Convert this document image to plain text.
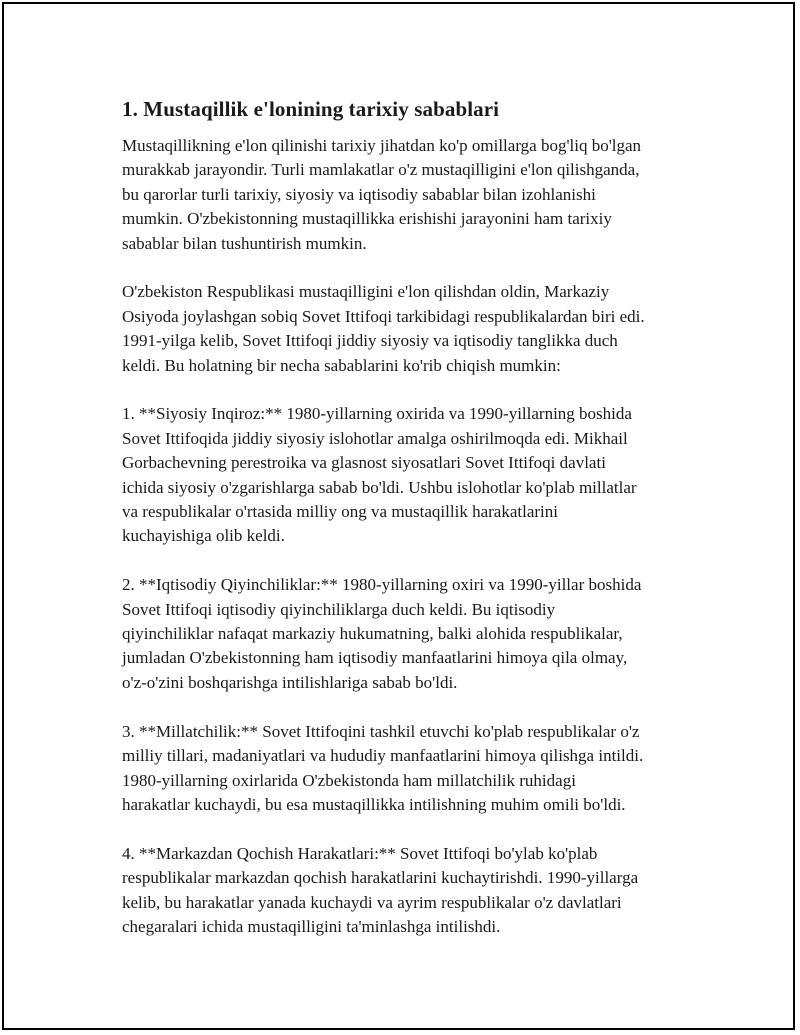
1. Mustaqillik e'lonining tarixiy sabablari
Mustaqillikning e'lon qilinishi tarixiy jihatdan ko'p omillarga bog'liq bo'lgan
murakkab jarayondir. Turli mamlakatlar o'z mustaqilligini e'lon qilishganda,
bu qarorlar turli tarixiy, siyosiy va iqtisodiy sabablar bilan izohlanishi
mumkin. O'zbekistonning mustaqillikka erishishi jarayonini ham tarixiy
sabablar bilan tushuntirish mumkin.
O'zbekiston Respublikasi mustaqilligini e'lon qilishdan oldin, Markaziy
Osiyoda joylashgan sobiq Sovet Ittifoqi tarkibidagi respublikalardan biri edi.
1991-yilga kelib, Sovet Ittifoqi jiddiy siyosiy va iqtisodiy tanglikka duch
keldi. Bu holatning bir necha sabablarini ko'rib chiqish mumkin:
1. **Siyosiy Inqiroz:** 1980-yillarning oxirida va 1990-yillarning boshida
Sovet Ittifoqida jiddiy siyosiy islohotlar amalga oshirilmoqda edi. Mikhail
Gorbachevning perestroika va glasnost siyosatlari Sovet Ittifoqi davlati
ichida siyosiy o'zgarishlarga sabab bo'ldi. Ushbu islohotlar ko'plab millatlar
va respublikalar o'rtasida milliy ong va mustaqillik harakatlarini
kuchayishiga olib keldi.
2. **Iqtisodiy Qiyinchiliklar:** 1980-yillarning oxiri va 1990-yillar boshida
Sovet Ittifoqi iqtisodiy qiyinchiliklarga duch keldi. Bu iqtisodiy
qiyinchiliklar nafaqat markaziy hukumatning, balki alohida respublikalar,
jumladan O'zbekistonning ham iqtisodiy manfaatlarini himoya qila olmay,
o'z-o'zini boshqarishga intilishlariga sabab bo'ldi.
3. **Millatchilik:** Sovet Ittifoqini tashkil etuvchi ko'plab respublikalar o'z
milliy tillari, madaniyatlari va hududiy manfaatlarini himoya qilishga intildi.
1980-yillarning oxirlarida O'zbekistonda ham millatchilik ruhidagi
harakatlar kuchaydi, bu esa mustaqillikka intilishning muhim omili bo'ldi.
4. **Markazdan Qochish Harakatlari:** Sovet Ittifoqi bo'ylab ko'plab
respublikalar markazdan qochish harakatlarini kuchaytirishdi. 1990-yillarga
kelib, bu harakatlar yanada kuchaydi va ayrim respublikalar o'z davlatlari
chegaralari ichida mustaqilligini ta'minlashga intilishdi.
